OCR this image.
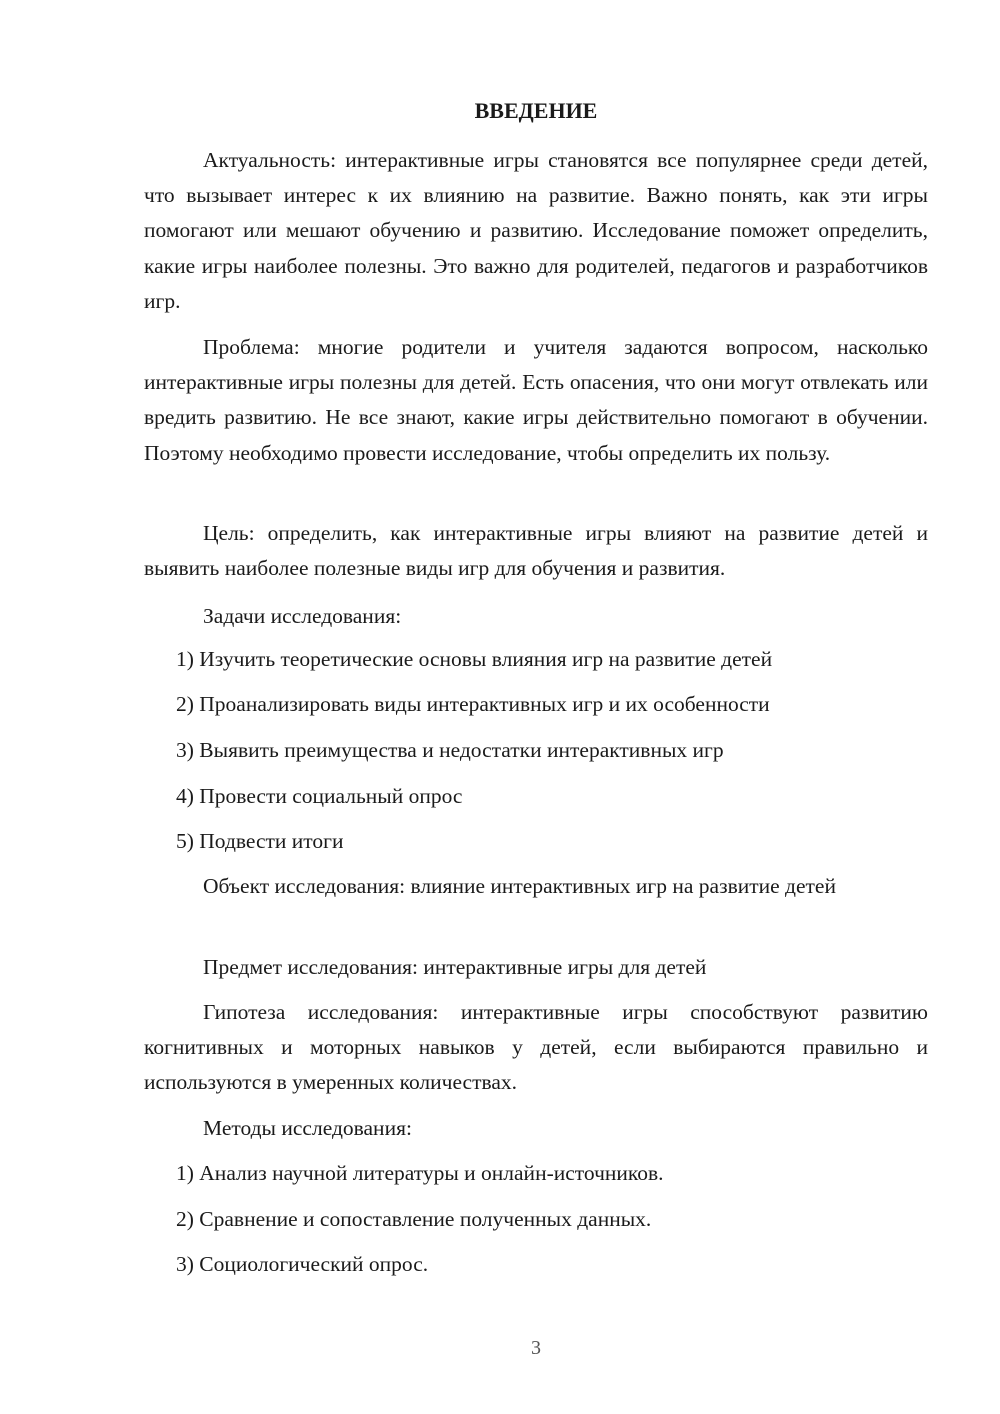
ВВЕДЕНИЕ

Актуальность: интерактивные игры становятся все популярнее среди детей, что вызывает интерес к их влиянию на развитие. Важно понять, как эти игры помогают или мешают обучению и развитию. Исследование поможет определить, какие игры наиболее полезны. Это важно для родителей, педагогов и разработчиков игр.

Проблема: многие родители и учителя задаются вопросом, насколько интерактивные игры полезны для детей. Есть опасения, что они могут отвлекать или вредить развитию. Не все знают, какие игры действительно помогают в обучении. Поэтому необходимо провести исследование, чтобы определить их пользу.

Цель: определить, как интерактивные игры влияют на развитие детей и выявить наиболее полезные виды игр для обучения и развития.

Задачи исследования:

1) Изучить теоретические основы влияния игр на развитие детей

2) Проанализировать виды интерактивных игр и их особенности

3) Выявить преимущества и недостатки интерактивных игр

4) Провести социальный опрос

5) Подвести итоги

Объект исследования: влияние интерактивных игр на развитие детей

Предмет исследования: интерактивные игры для детей

Гипотеза исследования: интерактивные игры способствуют развитию когнитивных и моторных навыков у детей, если выбираются правильно и используются в умеренных количествах.

Методы исследования:

1) Анализ научной литературы и онлайн-источников.

2) Сравнение и сопоставление полученных данных.

3) Социологический опрос.

3
